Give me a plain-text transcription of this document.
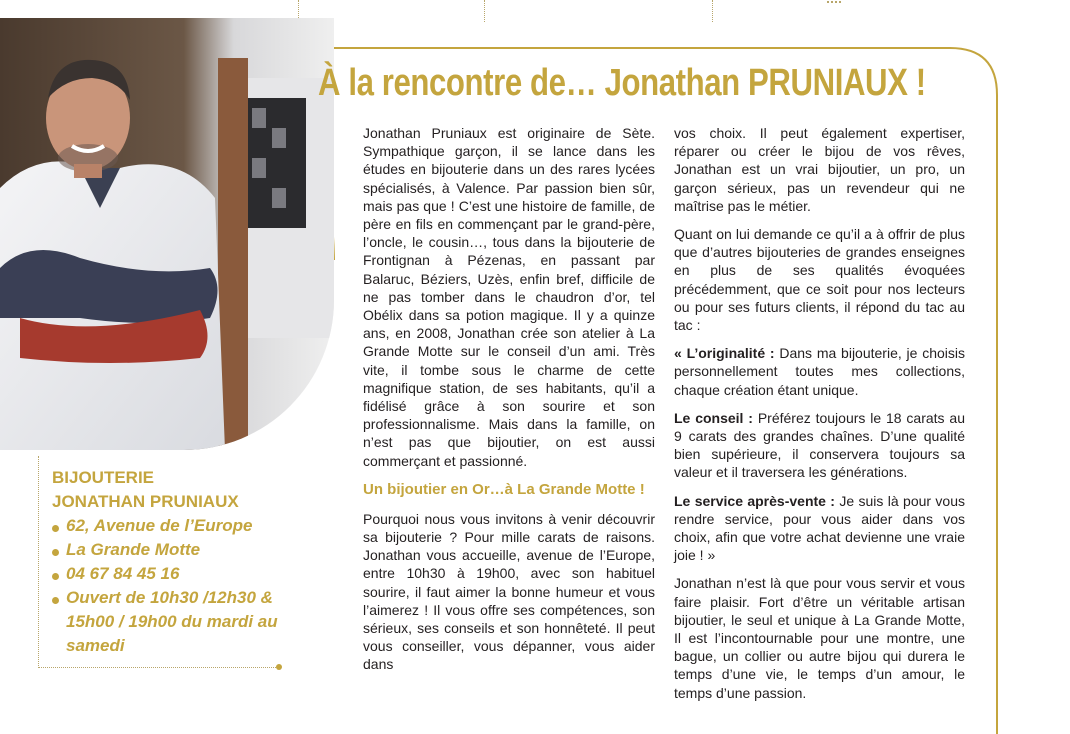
À la rencontre de… Jonathan PRUNIAUX !
BIJOUTERIE
JONATHAN PRUNIAUX
62, Avenue de l’Europe
La Grande Motte
04 67 84 45 16
Ouvert de 10h30 /12h30 & 15h00 / 19h00 du mardi au samedi

Jonathan Pruniaux est originaire de Sète. Sympathique garçon, il se lance dans les études en bijouterie dans un des rares lycées spécialisés, à Valence. Par passion bien sûr, mais pas que ! C’est une histoire de famille, de père en fils en commençant par le grand-père, l’oncle, le cousin…, tous dans la bijouterie de Frontignan à Pézenas, en passant par Balaruc, Béziers, Uzès, enfin bref, difficile de ne pas tomber dans le chaudron d’or, tel Obélix dans sa potion magique. Il y a quinze ans, en 2008, Jonathan crée son atelier à La Grande Motte sur le conseil d’un ami. Très vite, il tombe sous le charme de cette magnifique station, de ses habitants, qu’il a fidélisé grâce à son sourire et son professionnalisme. Mais dans la famille, on n’est pas que bijoutier, on est aussi commerçant et passionné.

Un bijoutier en Or…à La Grande Motte !

Pourquoi nous vous invitons à venir découvrir sa bijouterie ? Pour mille carats de raisons. Jonathan vous accueille, avenue de l’Europe, entre 10h30 à 19h00, avec son habituel sourire, il faut aimer la bonne humeur et vous l’aimerez ! Il vous offre ses compétences, son sérieux, ses conseils et son honnêteté. Il peut vous conseiller, vous dépanner, vous aider dans

vos choix. Il peut également expertiser, réparer ou créer le bijou de vos rêves, Jonathan est un vrai bijoutier, un pro, un garçon sérieux, pas un revendeur qui ne maîtrise pas le métier.

Quant on lui demande ce qu’il a à offrir de plus que d’autres bijouteries de grandes enseignes en plus de ses qualités évoquées précédemment, que ce soit pour nos lecteurs ou pour ses futurs clients, il répond du tac au tac :

« L’originalité : Dans ma bijouterie, je choisis personnellement toutes mes collections, chaque création étant unique.

Le conseil : Préférez toujours le 18 carats au 9 carats des grandes chaînes. D’une qualité bien supérieure, il conservera toujours sa valeur et il traversera les générations.

Le service après-vente : Je suis là pour vous rendre service, pour vous aider dans vos choix, afin que votre achat devienne une vraie joie ! »

Jonathan n’est là que pour vous servir et vous faire plaisir. Fort d’être un véritable artisan bijoutier, le seul et unique à La Grande Motte, Il est l’incontournable pour une montre, une bague, un collier ou autre bijou qui durera le temps d’une vie, le temps d’un amour, le temps d’une passion.
